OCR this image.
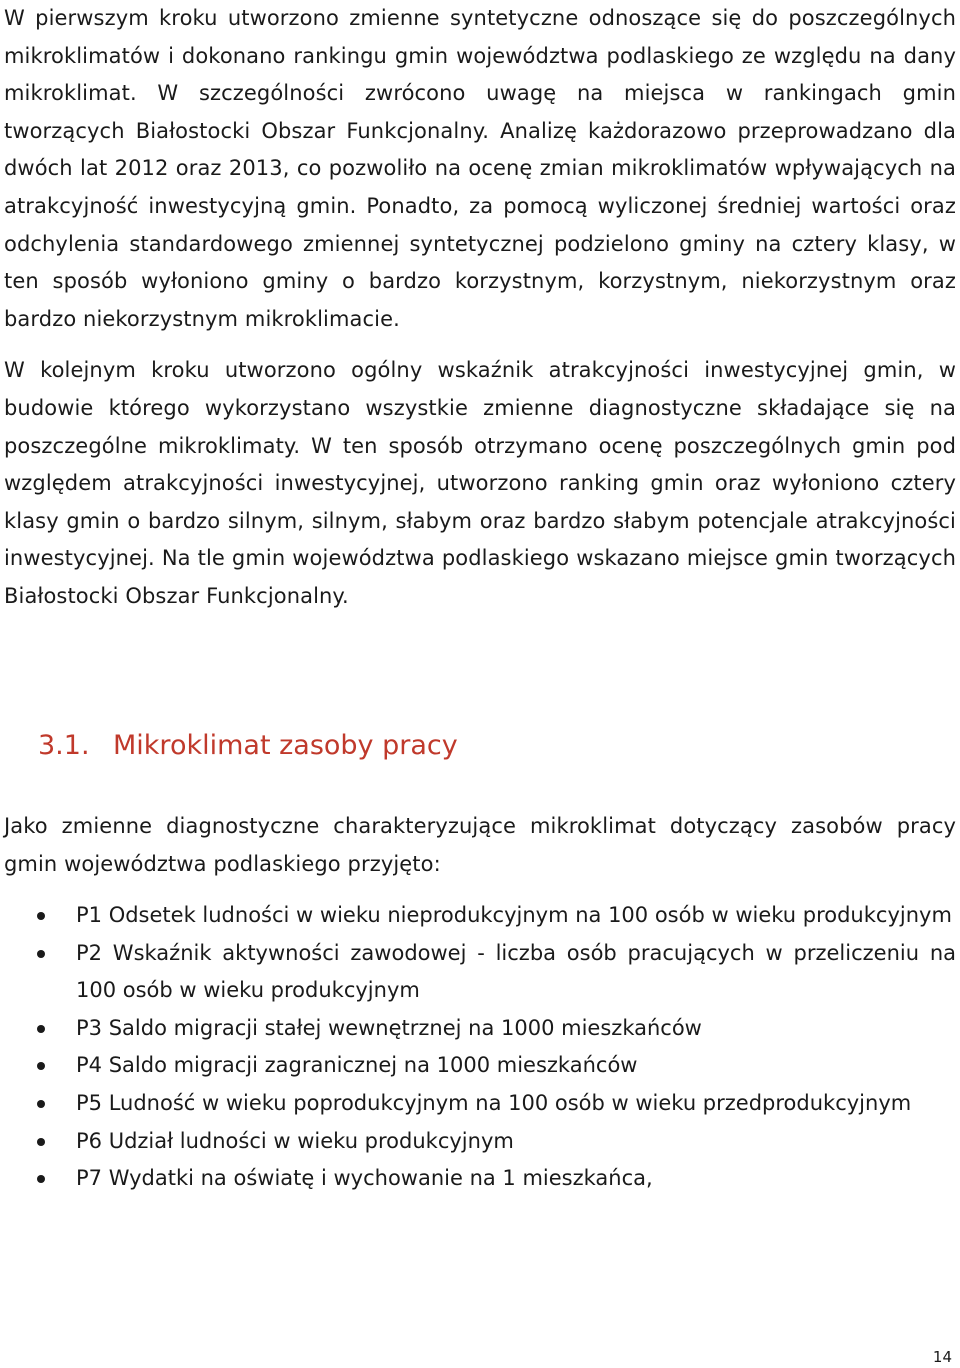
W pierwszym kroku utworzono zmienne syntetyczne odnoszące się do poszczególnych mikroklimatów i dokonano rankingu gmin województwa podlaskiego ze względu na dany mikroklimat. W szczególności zwrócono uwagę na miejsca w rankingach gmin tworzących Białostocki Obszar Funkcjonalny. Analizę każdorazowo przeprowadzano dla dwóch lat 2012 oraz 2013, co pozwoliło na ocenę zmian mikroklimatów wpływających na atrakcyjność inwestycyjną gmin. Ponadto, za pomocą wyliczonej średniej wartości oraz odchylenia standardowego zmiennej syntetycznej podzielono gminy na cztery klasy, w ten sposób wyłoniono gminy o bardzo korzystnym, korzystnym, niekorzystnym oraz bardzo niekorzystnym mikroklimacie.

W kolejnym kroku utworzono ogólny wskaźnik atrakcyjności inwestycyjnej gmin, w budowie którego wykorzystano wszystkie zmienne diagnostyczne składające się na poszczególne mikroklimaty. W ten sposób otrzymano ocenę poszczególnych gmin pod względem atrakcyjności inwestycyjnej, utworzono ranking gmin oraz wyłoniono cztery klasy gmin o bardzo silnym, silnym, słabym oraz bardzo słabym potencjale atrakcyjności inwestycyjnej. Na tle gmin województwa podlaskiego wskazano miejsce gmin tworzących Białostocki Obszar Funkcjonalny.

3.1. Mikroklimat zasoby pracy

Jako zmienne diagnostyczne charakteryzujące mikroklimat dotyczący zasobów pracy gmin województwa podlaskiego przyjęto:

P1 Odsetek ludności w wieku nieprodukcyjnym na 100 osób w wieku produkcyjnym
P2 Wskaźnik aktywności zawodowej - liczba osób pracujących w przeliczeniu na 100 osób w wieku produkcyjnym
P3 Saldo migracji stałej wewnętrznej na 1000 mieszkańców
P4 Saldo migracji zagranicznej na 1000 mieszkańców
P5 Ludność w wieku poprodukcyjnym na 100 osób w wieku przedprodukcyjnym
P6 Udział ludności w wieku produkcyjnym
P7 Wydatki na oświatę i wychowanie na 1 mieszkańca,
14
